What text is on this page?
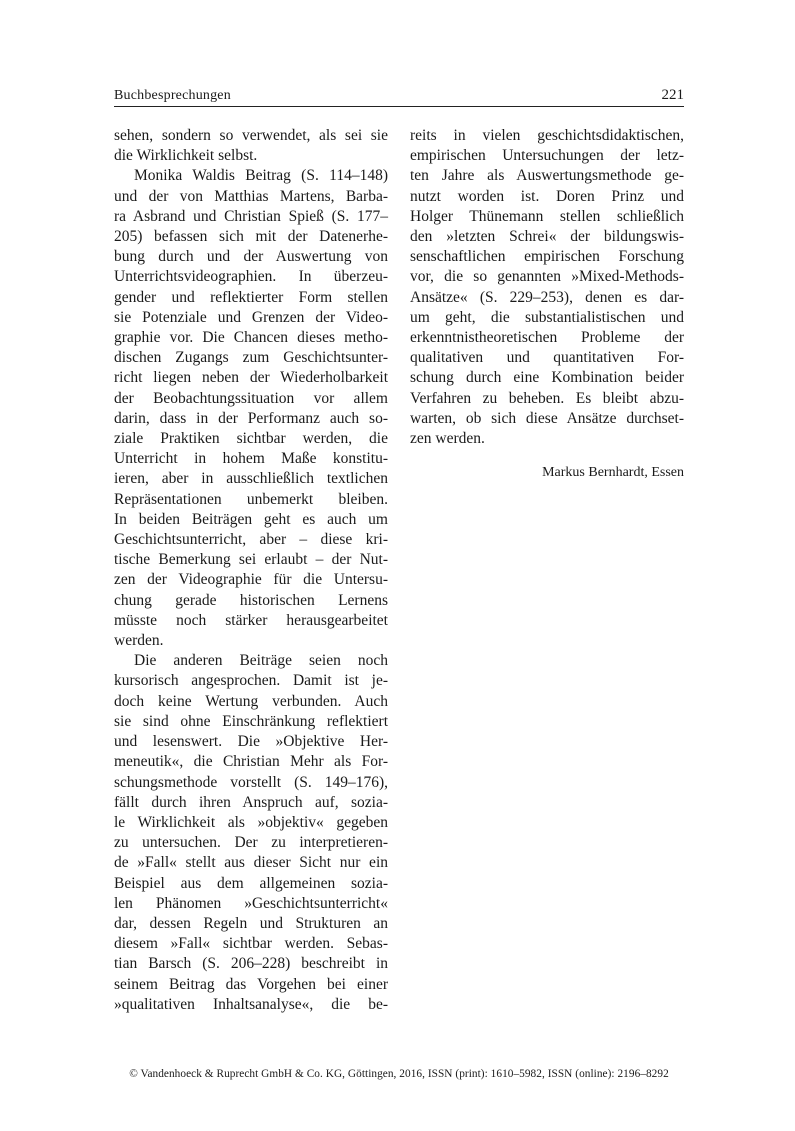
Buchbesprechungen	221
sehen, sondern so verwendet, als sei sie
die Wirklichkeit selbst.
Monika Waldis Beitrag (S. 114–148)
und der von Matthias Martens, Barba-
ra Asbrand und Christian Spieß (S. 177–
205) befassen sich mit der Datenerhe-
bung durch und der Auswertung von
Unterrichtsvideographien. In überzeu-
gender und reflektierter Form stellen
sie Potenziale und Grenzen der Video-
graphie vor. Die Chancen dieses metho-
dischen Zugangs zum Geschichtsunter-
richt liegen neben der Wiederholbarkeit
der Beobachtungssituation vor allem
darin, dass in der Performanz auch so-
ziale Praktiken sichtbar werden, die
Unterricht in hohem Maße konstitu-
ieren, aber in ausschließlich textlichen
Repräsentationen unbemerkt bleiben.
In beiden Beiträgen geht es auch um
Geschichtsunterricht, aber – diese kri-
tische Bemerkung sei erlaubt – der Nut-
zen der Videographie für die Untersu-
chung gerade historischen Lernens
müsste noch stärker herausgearbeitet
werden.
Die anderen Beiträge seien noch
kursorisch angesprochen. Damit ist je-
doch keine Wertung verbunden. Auch
sie sind ohne Einschränkung reflektiert
und lesenswert. Die »Objektive Her-
meneutik«, die Christian Mehr als For-
schungsmethode vorstellt (S. 149–176),
fällt durch ihren Anspruch auf, sozia-
le Wirklichkeit als »objektiv« gegeben
zu untersuchen. Der zu interpretieren-
de »Fall« stellt aus dieser Sicht nur ein
Beispiel aus dem allgemeinen sozia-
len Phänomen »Geschichtsunterricht«
dar, dessen Regeln und Strukturen an
diesem »Fall« sichtbar werden. Sebas-
tian Barsch (S. 206–228) beschreibt in
seinem Beitrag das Vorgehen bei einer
»qualitativen Inhaltsanalyse«, die be-
reits in vielen geschichtsdidaktischen,
empirischen Untersuchungen der letz-
ten Jahre als Auswertungsmethode ge-
nutzt worden ist. Doren Prinz und
Holger Thünemann stellen schließlich
den »letzten Schrei« der bildungswis-
senschaftlichen empirischen Forschung
vor, die so genannten »Mixed-Methods-
Ansätze« (S. 229–253), denen es dar-
um geht, die substantialistischen und
erkenntnistheoretischen Probleme der
qualitativen und quantitativen For-
schung durch eine Kombination beider
Verfahren zu beheben. Es bleibt abzu-
warten, ob sich diese Ansätze durchset-
zen werden.
Markus Bernhardt, Essen
© Vandenhoeck & Ruprecht GmbH & Co. KG, Göttingen, 2016, ISSN (print): 1610–5982, ISSN (online): 2196–8292
